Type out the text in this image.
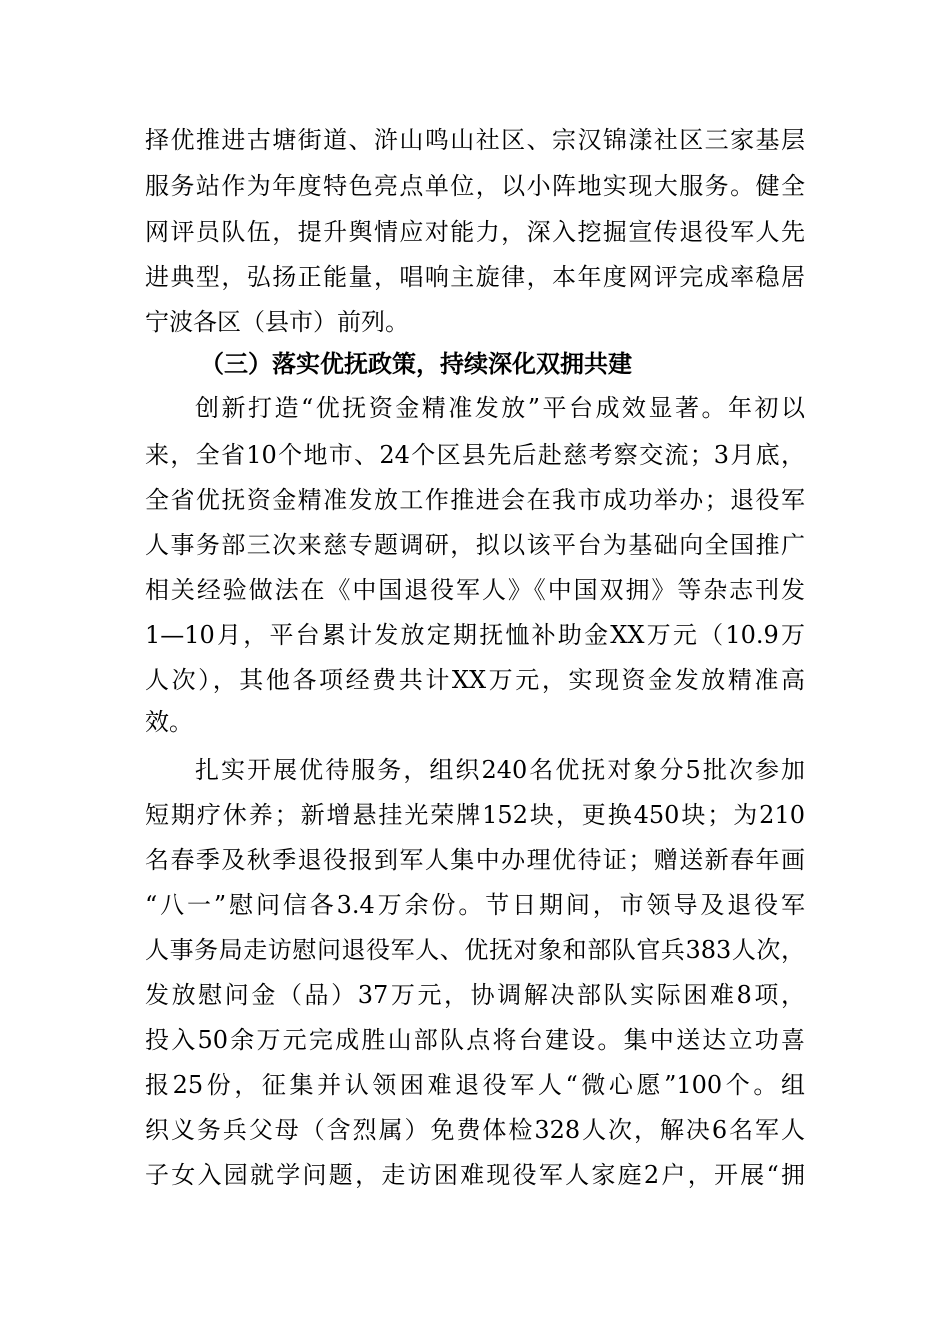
择优推进古塘街道、浒山鸣山社区、宗汉锦漾社区三家基层
服务站作为年度特色亮点单位，以小阵地实现大服务。健全
网评员队伍，提升舆情应对能力，深入挖掘宣传退役军人先
进典型，弘扬正能量，唱响主旋律，本年度网评完成率稳居
宁波各区（县市）前列。
（三）落实优抚政策，持续深化双拥共建
创新打造“优抚资金精准发放”平台成效显著。年初以
来，全省10个地市、24个区县先后赴慈考察交流；3月底，
全省优抚资金精准发放工作推进会在我市成功举办；退役军
人事务部三次来慈专题调研，拟以该平台为基础向全国推广
相关经验做法在《中国退役军人》《中国双拥》等杂志刊发
1—10月，平台累计发放定期抚恤补助金XX万元（10.9万
人次），其他各项经费共计XX万元，实现资金发放精准高
效。
扎实开展优待服务，组织240名优抚对象分5批次参加
短期疗休养；新增悬挂光荣牌152块，更换450块；为210
名春季及秋季退役报到军人集中办理优待证；赠送新春年画
“八一”慰问信各3.4万余份。节日期间，市领导及退役军
人事务局走访慰问退役军人、优抚对象和部队官兵383人次，
发放慰问金（品）37万元，协调解决部队实际困难8项，
投入50余万元完成胜山部队点将台建设。集中送达立功喜
报25份，征集并认领困难退役军人“微心愿”100个。组
织义务兵父母（含烈属）免费体检328人次，解决6名军人
子女入园就学问题，走访困难现役军人家庭2户，开展“拥
